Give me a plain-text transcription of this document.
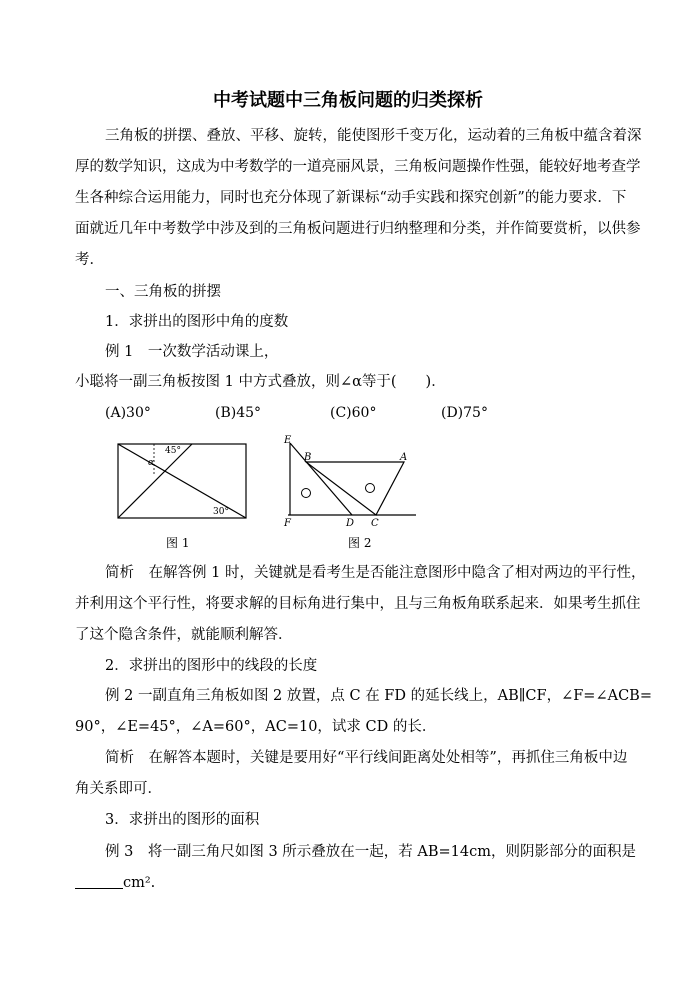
中考试题中三角板问题的归类探析
三角板的拼摆、叠放、平移、旋转，能使图形千变万化，运动着的三角板中蕴含着深
厚的数学知识，这成为中考数学的一道亮丽风景，三角板问题操作性强，能较好地考查学
生各种综合运用能力，同时也充分体现了新课标“动手实践和探究创新”的能力要求．下
面就近几年中考数学中涉及到的三角板问题进行归纳整理和分类，并作简要赏析，以供参
考．
一、三角板的拼摆
1．求拼出的图形中角的度数
例 1　一次数学活动课上，
小聪将一副三角板按图 1 中方式叠放，则∠α等于(　　)．
(A)30°	(B)45°	(C)60°	(D)75°
45°
α
30°
图 1
E
B	A
F	D C
图 2
简析　在解答例 1 时，关键就是看考生是否能注意图形中隐含了相对两边的平行性，
并利用这个平行性，将要求解的目标角进行集中，且与三角板角联系起来．如果考生抓住
了这个隐含条件，就能顺利解答．
2．求拼出的图形中的线段的长度
例 2 一副直角三角板如图 2 放置，点 C 在 FD 的延长线上，AB∥CF，∠F=∠ACB=
90°，∠E=45°，∠A=60°，AC=10，试求 CD 的长．
简析　在解答本题时，关键是要用好“平行线间距离处处相等”，再抓住三角板中边
角关系即可．
3．求拼出的图形的面积
例 3　将一副三角尺如图 3 所示叠放在一起，若 AB=14cm，则阴影部分的面积是
cm².
